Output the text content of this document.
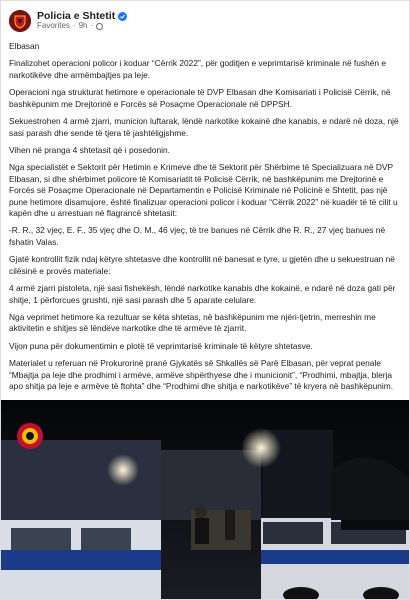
Policia e Shtetit
Favorites · 9h ·

Elbasan

Finalizohet operacioni policor i koduar “Cërrik 2022”, për goditjen e veprimtarisë kriminale në fushën e narkotikëve dhe armëmbajtjes pa leje.

Operacioni nga strukturat hetimore e operacionale të DVP Elbasan dhe Komisariati i Policisë Cërrik, në bashkëpunim me Drejtorinë e Forcës së Posaçme Operacionale në DPPSH.

Sekuestrohen 4 armë zjarri, municion luftarak, lëndë narkotike kokainë dhe kanabis, e ndarë në doza, një sasi parash dhe sende të tjera të jashtëligjshme.

Vihen në pranga 4 shtetasit që i posedonin.

Nga specialistët e Sektorit për Hetimin e Krimeve dhe të Sektorit për Shërbime të Specializuara në DVP Elbasan, si dhe shërbimet policore të Komisariatit të Policisë Cërrik, në bashkëpunim me Drejtorinë e Forcës së Posaçme Operacionale në Departamentin e Policisë Kriminale në Policinë e Shtetit, pas një pune hetimore disamujore, është finalizuar operacioni policor i koduar “Cërrik 2022” në kuadër të të cilit u kapën dhe u arrestuan në flagrancë shtetasit:

-R. R., 32 vjeç, E. F., 35 vjeç dhe O. M., 46 vjeç, të tre banues në Cërrik dhe R. R., 27 vjeç banues në fshatin Valas.

Gjatë kontrollit fizik ndaj këtyre shtetasve dhe kontrollit në banesat e tyre, u gjetën dhe u sekuestruan në cilësinë e provës materiale:

4 armë zjarri pistoleta, një sasi fishekësh, lëndë narkotike kanabis dhe kokainë, e ndarë në doza gati për shitje, 1 përforcues grushti, një sasi parash dhe 5 aparate celulare.

Nga veprimet hetimore ka rezultuar se këta shtetas, në bashkëpunim me njëri-tjetrin, merreshin me aktivitetin e shitjes së lëndëve narkotike dhe të armëve të zjarrit.

Vijon puna për dokumentimin e plotë të veprimtarisë kriminale të këtyre shtetasve.

Materialet u referuan në Prokurorinë pranë Gjykatës së Shkallës së Parë Elbasan, për veprat penale “Mbajtja pa leje dhe prodhimi i armëve, armëve shpërthyese dhe i municionit”, “Prodhimi, mbajtja, blerja apo shitja pa leje e armëve të ftohta” dhe “Prodhimi dhe shitja e narkotikëve” të kryera në bashkëpunim.
